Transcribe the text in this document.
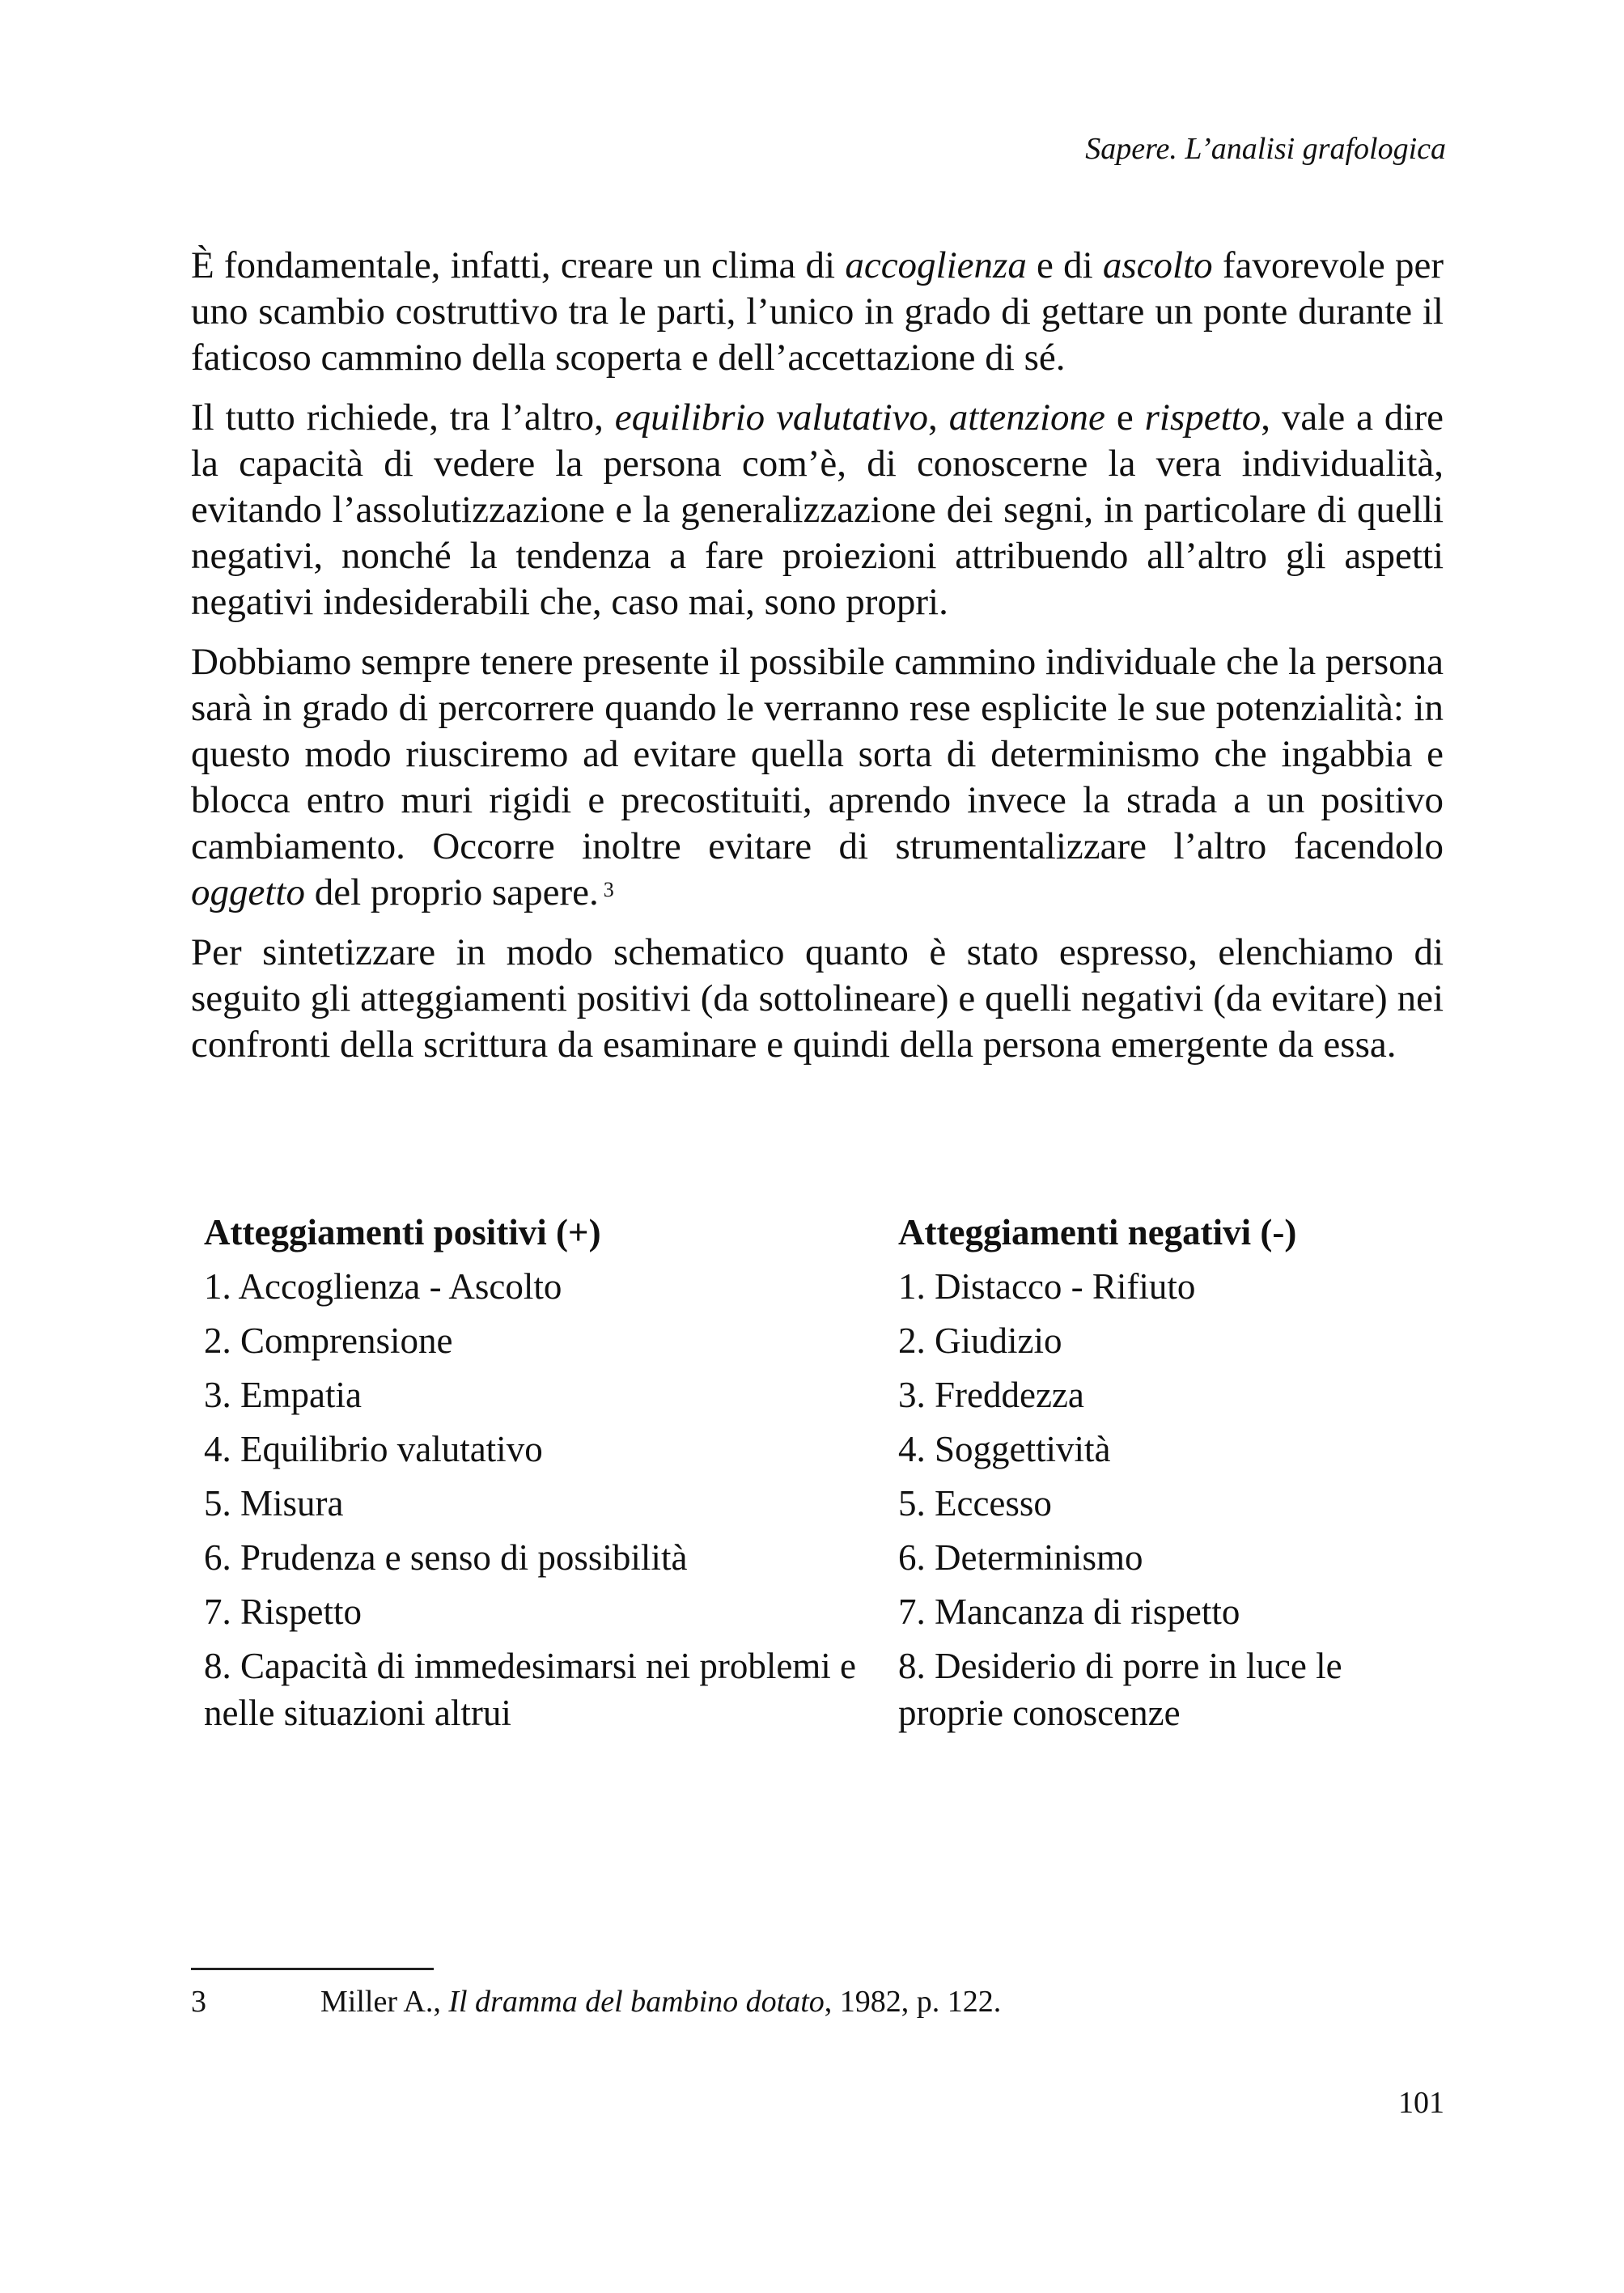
Sapere. L’analisi grafologica

È fondamentale, infatti, creare un clima di accoglienza e di ascolto favorevole per uno scambio costruttivo tra le parti, l’unico in grado di gettare un ponte durante il faticoso cammino della scoperta e dell’accettazione di sé.

Il tutto richiede, tra l’altro, equilibrio valutativo, attenzione e rispetto, vale a dire la capacità di vedere la persona com’è, di conoscerne la vera individualità, evitando l’assolutizzazione e la generalizzazione dei segni, in particolare di quelli negativi, nonché la tendenza a fare proiezioni attribuendo all’altro gli aspetti negativi indesiderabili che, caso mai, sono propri.

Dobbiamo sempre tenere presente il possibile cammino individuale che la persona sarà in grado di percorrere quando le verranno rese esplicite le sue potenzialità: in questo modo riusciremo ad evitare quella sorta di determinismo che ingabbia e blocca entro muri rigidi e precostituiti, aprendo invece la strada a un positivo cambiamento. Occorre inoltre evitare di strumentalizzare l’altro facendolo oggetto del proprio sapere. $^3$

Per sintetizzare in modo schematico quanto è stato espresso, elenchiamo di seguito gli atteggiamenti positivi (da sottolineare) e quelli negativi (da evitare) nei confronti della scrittura da esaminare e quindi della persona emergente da essa.

Atteggiamenti positivi (+)
1. Accoglienza - Ascolto
2. Comprensione
3. Empatia
4. Equilibrio valutativo
5. Misura
6. Prudenza e senso di possibilità
7. Rispetto
8. Capacità di immedesimarsi nei problemi e nelle situazioni altrui
Atteggiamenti negativi (-)
1. Distacco - Rifiuto
2. Giudizio
3. Freddezza
4. Soggettività
5. Eccesso
6. Determinismo
7. Mancanza di rispetto
8. Desiderio di porre in luce le proprie conoscenze
3	Miller A., Il dramma del bambino dotato, 1982, p. 122.
101
